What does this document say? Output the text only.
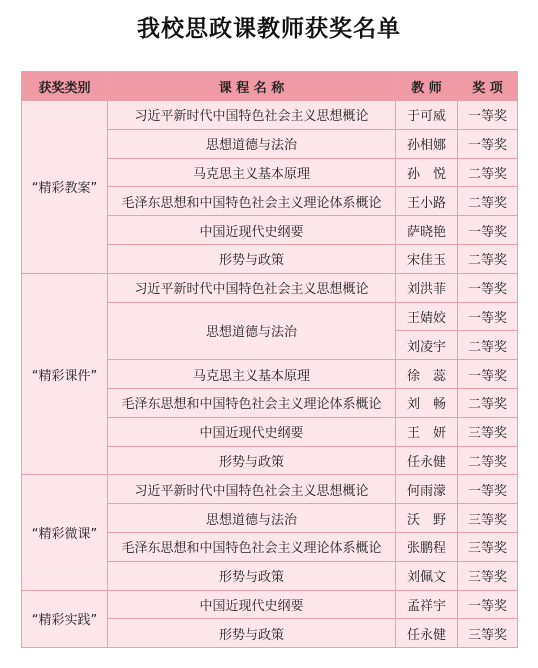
我校思政课教师获奖名单
获奖类别	课 程 名 称	教 师	奖 项
“精彩教案”	习近平新时代中国特色社会主义思想概论	于可威	一等奖
	思想道德与法治	孙相娜	一等奖
	马克思主义基本原理	孙　悦	二等奖
	毛泽东思想和中国特色社会主义理论体系概论	王小路	二等奖
	中国近现代史纲要	萨晓艳	一等奖
	形势与政策	宋佳玉	二等奖
“精彩课件”	习近平新时代中国特色社会主义思想概论	刘洪菲	一等奖
	思想道德与法治	王婧姣	一等奖
		刘凌宇	二等奖
	马克思主义基本原理	徐　蕊	一等奖
	毛泽东思想和中国特色社会主义理论体系概论	刘　畅	二等奖
	中国近现代史纲要	王　妍	三等奖
	形势与政策	任永健	二等奖
“精彩微课”	习近平新时代中国特色社会主义思想概论	何雨濛	一等奖
	思想道德与法治	沃　野	三等奖
	毛泽东思想和中国特色社会主义理论体系概论	张鹏程	三等奖
	形势与政策	刘佩文	三等奖
“精彩实践”	中国近现代史纲要	孟祥宇	一等奖
	形势与政策	任永健	三等奖
